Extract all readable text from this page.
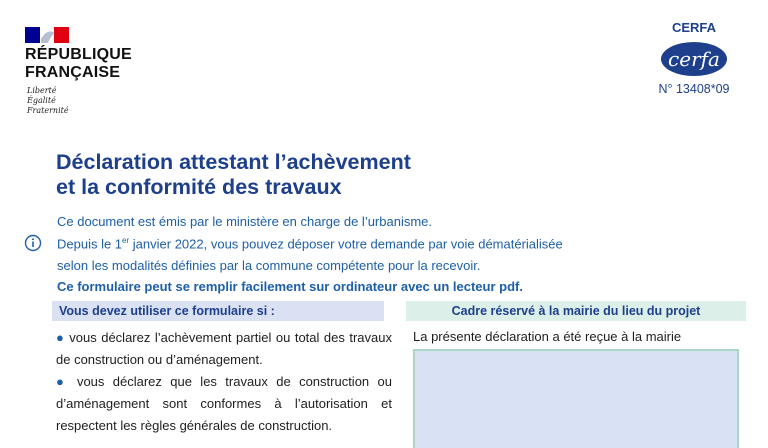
RÉPUBLIQUE
FRANÇAISE
Liberté
Égalité
Fraternité
CERFA
cerfa
N° 13408*09
Déclaration attestant l’achèvement
et la conformité des travaux
Ce document est émis par le ministère en charge de l’urbanisme.
Depuis le 1er janvier 2022, vous pouvez déposer votre demande par voie dématérialisée
selon les modalités définies par la commune compétente pour la recevoir.
Ce formulaire peut se remplir facilement sur ordinateur avec un lecteur pdf.
Vous devez utiliser ce formulaire si :

● vous déclarez l’achèvement partiel ou total des travaux de construction ou d’aménagement.

● vous déclarez que les travaux de construction ou d’aménagement sont conformes à l’autorisation et respectent les règles générales de construction.

Cadre réservé à la mairie du lieu du projet
La présente déclaration a été reçue à la mairie
